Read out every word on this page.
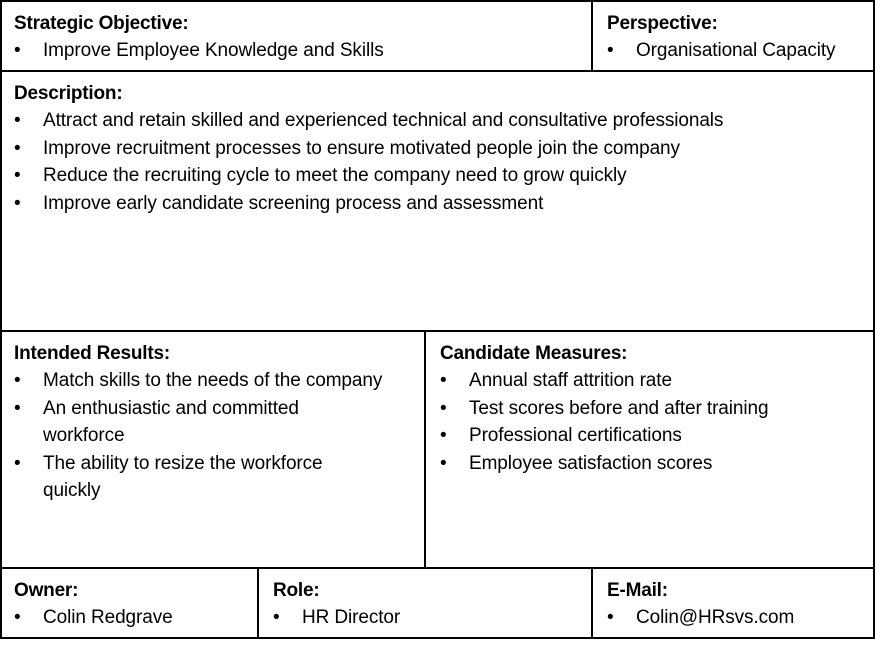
Strategic Objective:
•	Improve Employee Knowledge and Skills
Perspective:
•	Organisational Capacity
Description:
•	Attract and retain skilled and experienced technical and consultative professionals
•	Improve recruitment processes to ensure motivated people join the company
•	Reduce the recruiting cycle to meet the company need to grow quickly
•	Improve early candidate screening process and assessment
Intended Results:
•	Match skills to the needs of the company
•	An enthusiastic and committed workforce
•	The ability to resize the workforce quickly
Candidate Measures:
•	Annual staff attrition rate
•	Test scores before and after training
•	Professional certifications
•	Employee satisfaction scores
Owner:
•	Colin Redgrave
Role:
•	HR Director
E-Mail:
•	Colin@HRsvs.com
